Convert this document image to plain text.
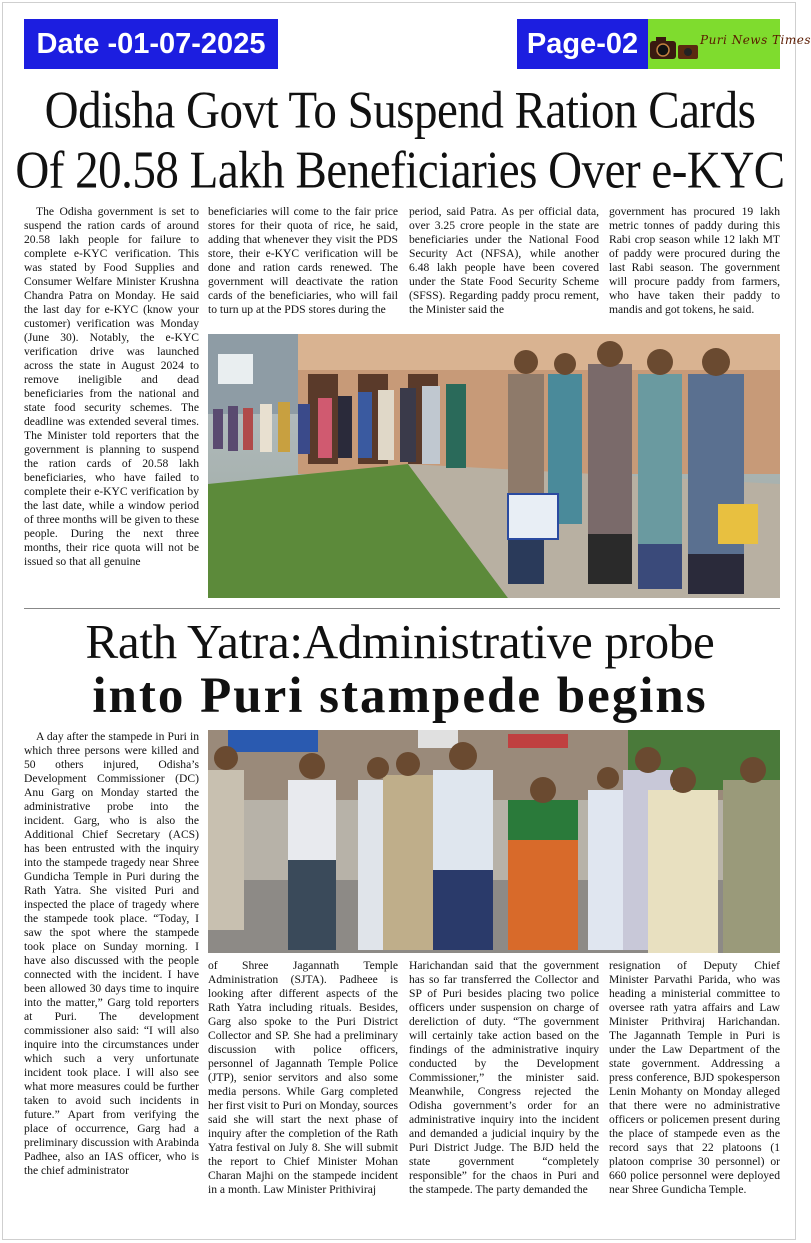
Date -01-07-2025	Page-02	Puri News Times
Odisha Govt To Suspend Ration Cards
Of 20.58 Lakh Beneficiaries Over e-KYC

The Odisha government is set to suspend the ration cards of around 20.58 lakh people for failure to complete e-KYC verification. This was stated by Food Supplies and Consumer Welfare Minister Krushna Chandra Patra on Monday. He said the last day for e-KYC (know your customer) verification was Monday (June 30). Notably, the e-KYC verification drive was launched across the state in August 2024 to remove ineligible and dead beneficiaries from the national and state food security schemes. The deadline was extended several times. The Minister told reporters that the government is planning to suspend the ration cards of 20.58 lakh beneficiaries, who have failed to complete their e-KYC verification by the last date, while a window period of three months will be given to these people. During the next three months, their rice quota will not be issued so that all genuine

beneficiaries will come to the fair price stores for their quota of rice, he said, adding that whenever they visit the PDS store, their e-KYC verification will be done and ration cards renewed. The government will deactivate the ration cards of the beneficiaries, who will fail to turn up at the PDS stores during the

period, said Patra. As per official data, over 3.25 crore people in the state are beneficiaries under the National Food Security Act (NFSA), while another 6.48 lakh people have been covered under the State Food Security Scheme (SFSS). Regarding paddy procu rement, the Minister said the

government has procured 19 lakh metric tonnes of paddy during this Rabi crop season while 12 lakh MT of paddy were procured during the last Rabi season. The government will procure paddy from farmers, who have taken their paddy to mandis and got tokens, he said.

Rath Yatra:Administrative probe
into Puri stampede begins

A day after the stampede in Puri in which three persons were killed and 50 others injured, Odisha’s Development Commissioner (DC) Anu Garg on Monday started the administrative probe into the incident. Garg, who is also the Additional Chief Secretary (ACS) has been entrusted with the inquiry into the stampede tragedy near Shree Gundicha Temple in Puri during the Rath Yatra. She visited Puri and inspected the place of tragedy where the stampede took place. “Today, I saw the spot where the stampede took place on Sunday morning. I have also discussed with the people connected with the incident. I have been allowed 30 days time to inquire into the matter,” Garg told reporters at Puri. The development commissioner also said: “I will also inquire into the circumstances under which such a very unfortunate incident took place. I will also see what more measures could be further taken to avoid such incidents in future.” Apart from verifying the place of occurrence, Garg had a preliminary discussion with Arabinda Padhee, also an IAS officer, who is the chief administrator

of Shree Jagannath Temple Administration (SJTA). Padheee is looking after different aspects of the Rath Yatra including rituals. Besides, Garg also spoke to the Puri District Collector and SP. She had a preliminary discussion with police officers, personnel of Jagannath Temple Police (JTP), senior servitors and also some media persons. While Garg completed her first visit to Puri on Monday, sources said she will start the next phase of inquiry after the completion of the Rath Yatra festival on July 8. She will submit the report to Chief Minister Mohan Charan Majhi on the stampede incident in a month. Law Minister Prithiviraj

Harichandan said that the government has so far transferred the Collector and SP of Puri besides placing two police officers under suspension on charge of dereliction of duty. “The government will certainly take action based on the findings of the administrative inquiry conducted by the Development Commissioner,” the minister said. Meanwhile, Congress rejected the Odisha government’s order for an administrative inquiry into the incident and demanded a judicial inquiry by the Puri District Judge. The BJD held the state government “completely responsible” for the chaos in Puri and the stampede. The party demanded the

resignation of Deputy Chief Minister Parvathi Parida, who was heading a ministerial committee to oversee rath yatra affairs and Law Minister Prithviraj Harichandan. The Jagannath Temple in Puri is under the Law Department of the state government. Addressing a press conference, BJD spokesperson Lenin Mohanty on Monday alleged that there were no administrative officers or policemen present during the place of stampede even as the record says that 22 platoons (1 platoon comprise 30 personnel) or 660 police personnel were deployed near Shree Gundicha Temple.
